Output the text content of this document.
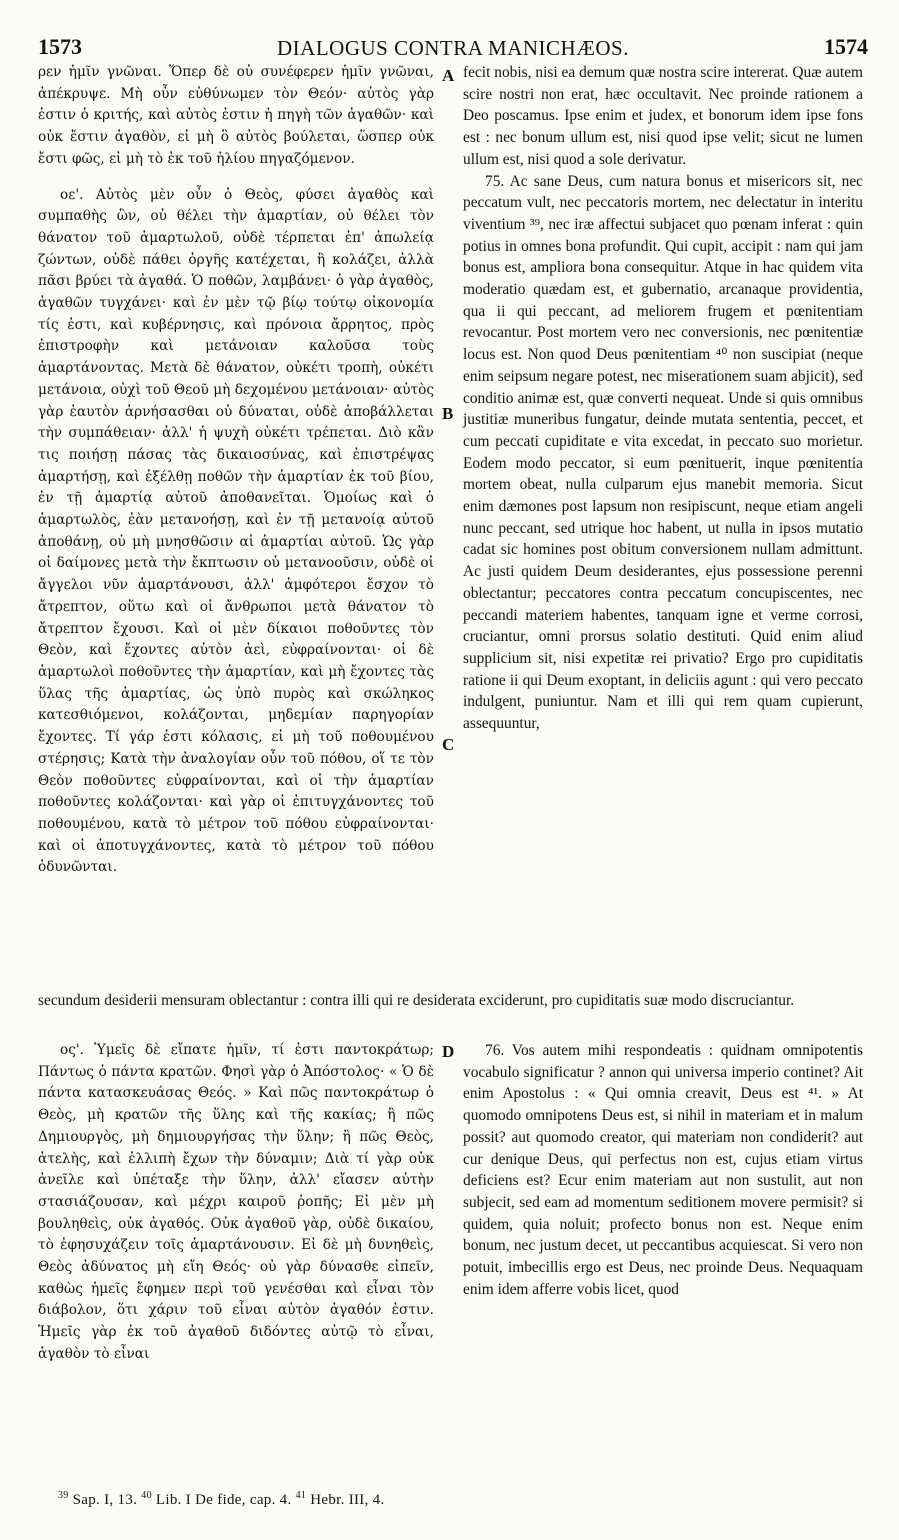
1573	DIALOGUS CONTRA MANICHÆOS.	1574

ρεν ἡμῖν γνῶναι. Ὅπερ δὲ οὐ συνέφερεν ἡμῖν γνῶναι, ἀπέκρυψε. Μὴ οὖν εὐθύνωμεν τὸν Θεόν· αὐτὸς γὰρ ἐστιν ὁ κριτής, καὶ αὐτὸς ἐστιν ἡ πηγὴ τῶν ἀγαθῶν· καὶ οὐκ ἔστιν ἀγαθὸν, εἰ μὴ ὃ αὐτὸς βούλεται, ὥσπερ οὐκ ἔστι φῶς, εἰ μὴ τὸ ἐκ τοῦ ἡλίου πηγαζόμενον.

οε'. Αὐτὸς μὲν οὖν ὁ Θεὸς, φύσει ἀγαθὸς καὶ συμπαθὴς ὢν, οὐ θέλει τὴν ἁμαρτίαν, οὐ θέλει τὸν θάνατον τοῦ ἁμαρτωλοῦ, οὐδὲ τέρπεται ἐπ' ἀπωλείᾳ ζώντων, οὐδὲ πάθει ὀργῆς κατέχεται, ἢ κολάζει, ἀλλὰ πᾶσι βρύει τὰ ἀγαθά. Ὁ ποθῶν, λαμβάνει· ὁ γὰρ ἀγαθὸς, ἀγαθῶν τυγχάνει· καὶ ἐν μὲν τῷ βίῳ τούτῳ οἰκονομία τίς ἐστι, καὶ κυβέρνησις, καὶ πρόνοια ἄρρητος, πρὸς ἐπιστροφὴν καὶ μετάνοιαν καλοῦσα τοὺς ἁμαρτάνοντας. Μετὰ δὲ θάνατον, οὐκέτι τροπὴ, οὐκέτι μετάνοια, οὐχὶ τοῦ Θεοῦ μὴ δεχομένου μετάνοιαν· αὐτὸς γὰρ ἑαυτὸν ἀρνήσασθαι οὐ δύναται, οὐδὲ ἀποβάλλεται τὴν συμπάθειαν· ἀλλ' ἡ ψυχὴ οὐκέτι τρέπεται. Διὸ κἂν τις ποιήσῃ πάσας τὰς δικαιοσύνας, καὶ ἐπιστρέψας ἁμαρτήσῃ, καὶ ἐξέλθῃ ποθῶν τὴν ἁμαρτίαν ἐκ τοῦ βίου, ἐν τῇ ἁμαρτίᾳ αὐτοῦ ἀποθανεῖται. Ὁμοίως καὶ ὁ ἁμαρτωλὸς, ἐὰν μετανοήσῃ, καὶ ἐν τῇ μετανοίᾳ αὐτοῦ ἀποθάνῃ, οὐ μὴ μνησθῶσιν αἱ ἁμαρτίαι αὐτοῦ. Ὡς γὰρ οἱ δαίμονες μετὰ τὴν ἔκπτωσιν οὐ μετανοοῦσιν, οὐδὲ οἱ ἄγγελοι νῦν ἁμαρτάνουσι, ἀλλ' ἀμφότεροι ἔσχον τὸ ἄτρεπτον, οὕτω καὶ οἱ ἄνθρωποι μετὰ θάνατον τὸ ἄτρεπτον ἔχουσι. Καὶ οἱ μὲν δίκαιοι ποθοῦντες τὸν Θεὸν, καὶ ἔχοντες αὐτὸν ἀεὶ, εὐφραίνονται· οἱ δὲ ἁμαρτωλοὶ ποθοῦντες τὴν ἁμαρτίαν, καὶ μὴ ἔχοντες τὰς ὕλας τῆς ἁμαρτίας, ὡς ὑπὸ πυρὸς καὶ σκώληκος κατεσθιόμενοι, κολάζονται, μηδεμίαν παρηγορίαν ἔχοντες. Τί γάρ ἐστι κόλασις, εἰ μὴ τοῦ ποθουμένου στέρησις; Κατὰ τὴν ἀναλογίαν οὖν τοῦ πόθου, οἵ τε τὸν Θεὸν ποθοῦντες εὐφραίνονται, καὶ οἱ τὴν ἁμαρτίαν ποθοῦντες κολάζονται· καὶ γὰρ οἱ ἐπιτυγχάνοντες τοῦ ποθουμένου, κατὰ τὸ μέτρον τοῦ πόθου εὐφραίνονται· καὶ οἱ ἀποτυγχάνοντες, κατὰ τὸ μέτρον τοῦ πόθου ὀδυνῶνται.

fecit nobis, nisi ea demum quæ nostra scire intererat. Quæ autem scire nostri non erat, hæc occultavit. Nec proinde rationem a Deo poscamus. Ipse enim et judex, et bonorum idem ipse fons est : nec bonum ullum est, nisi quod ipse velit; sicut ne lumen ullum est, nisi quod a sole derivatur.

75. Ac sane Deus, cum natura bonus et misericors sit, nec peccatum vult, nec peccatoris mortem, nec delectatur in interitu viventium ³⁹, nec iræ affectui subjacet quo pœnam inferat : quin potius in omnes bona profundit. Qui cupit, accipit : nam qui jam bonus est, ampliora bona consequitur. Atque in hac quidem vita moderatio quædam est, et gubernatio, arcanaque providentia, qua ii qui peccant, ad meliorem frugem et pœnitentiam revocantur. Post mortem vero nec conversionis, nec pœnitentiæ locus est. Non quod Deus pœnitentiam ⁴⁰ non suscipiat (neque enim seipsum negare potest, nec miserationem suam abjicit), sed conditio animæ est, quæ converti nequeat. Unde si quis omnibus justitiæ muneribus fungatur, deinde mutata sententia, peccet, et cum peccati cupiditate e vita excedat, in peccato suo morietur. Eodem modo peccator, si eum pœnituerit, inque pœnitentia mortem obeat, nulla culparum ejus manebit memoria. Sicut enim dæmones post lapsum non resipiscunt, neque etiam angeli nunc peccant, sed utrique hoc habent, ut nulla in ipsos mutatio cadat sic homines post obitum conversionem nullam admittunt. Ac justi quidem Deum desiderantes, ejus possessione perenni oblectantur; peccatores contra peccatum concupiscentes, nec peccandi materiem habentes, tanquam igne et verme corrosi, cruciantur, omni prorsus solatio destituti. Quid enim aliud supplicium sit, nisi expetitæ rei privatio? Ergo pro cupiditatis ratione ii qui Deum exoptant, in deliciis agunt : qui vero peccato indulgent, puniuntur. Nam et illi qui rem quam cupierunt, assequuntur,

secundum desiderii mensuram oblectantur : contra illi qui re desiderata exciderunt, pro cupiditatis suæ modo discruciantur.

ος'. Ὑμεῖς δὲ εἴπατε ἡμῖν, τί ἐστι παντοκράτωρ; Πάντως ὁ πάντα κρατῶν. Φησὶ γὰρ ὁ Ἀπόστολος· « Ὁ δὲ πάντα κατασκευάσας Θεός. » Καὶ πῶς παντοκράτωρ ὁ Θεὸς, μὴ κρατῶν τῆς ὕλης καὶ τῆς κακίας; ἢ πῶς Δημιουργὸς, μὴ δημιουργήσας τὴν ὕλην; ἢ πῶς Θεὸς, ἀτελὴς, καὶ ἐλλιπὴ ἔχων τὴν δύναμιν; Διὰ τί γὰρ οὐκ ἀνεῖλε καὶ ὑπέταξε τὴν ὕλην, ἀλλ' εἴασεν αὐτὴν στασιάζουσαν, καὶ μέχρι καιροῦ ῥοπῆς; Εἰ μὲν μὴ βουληθεὶς, οὐκ ἀγαθός. Οὐκ ἀγαθοῦ γὰρ, οὐδὲ δικαίου, τὸ ἐφησυχάζειν τοῖς ἁμαρτάνουσιν. Εἰ δὲ μὴ δυνηθεὶς, Θεὸς ἀδύνατος μὴ εἴη Θεός· οὐ γὰρ δύνασθε εἰπεῖν, καθὼς ἡμεῖς ἔφημεν περὶ τοῦ γενέσθαι καὶ εἶναι τὸν διάβολον, ὅτι χάριν τοῦ εἶναι αὐτὸν ἀγαθόν ἐστιν. Ἡμεῖς γὰρ ἐκ τοῦ ἀγαθοῦ διδόντες αὐτῷ τὸ εἶναι, ἀγαθὸν τὸ εἶναι

76. Vos autem mihi respondeatis : quidnam omnipotentis vocabulo significatur ? annon qui universa imperio continet? Ait enim Apostolus : « Qui omnia creavit, Deus est ⁴¹. » At quomodo omnipotens Deus est, si nihil in materiam et in malum possit? aut quomodo creator, qui materiam non condiderit? aut cur denique Deus, qui perfectus non est, cujus etiam virtus deficiens est? Ecur enim materiam aut non sustulit, aut non subjecit, sed eam ad momentum seditionem movere permisit? si quidem, quia noluit; profecto bonus non est. Neque enim bonum, nec justum decet, ut peccantibus acquiescat. Si vero non potuit, imbecillis ergo est Deus, nec proinde Deus. Nequaquam enim idem afferre vobis licet, quod

A
B
C
D
$^{39}$ Sap. I, 13. $^{40}$ Lib. I De fide, cap. 4. $^{41}$ Hebr. III, 4.
